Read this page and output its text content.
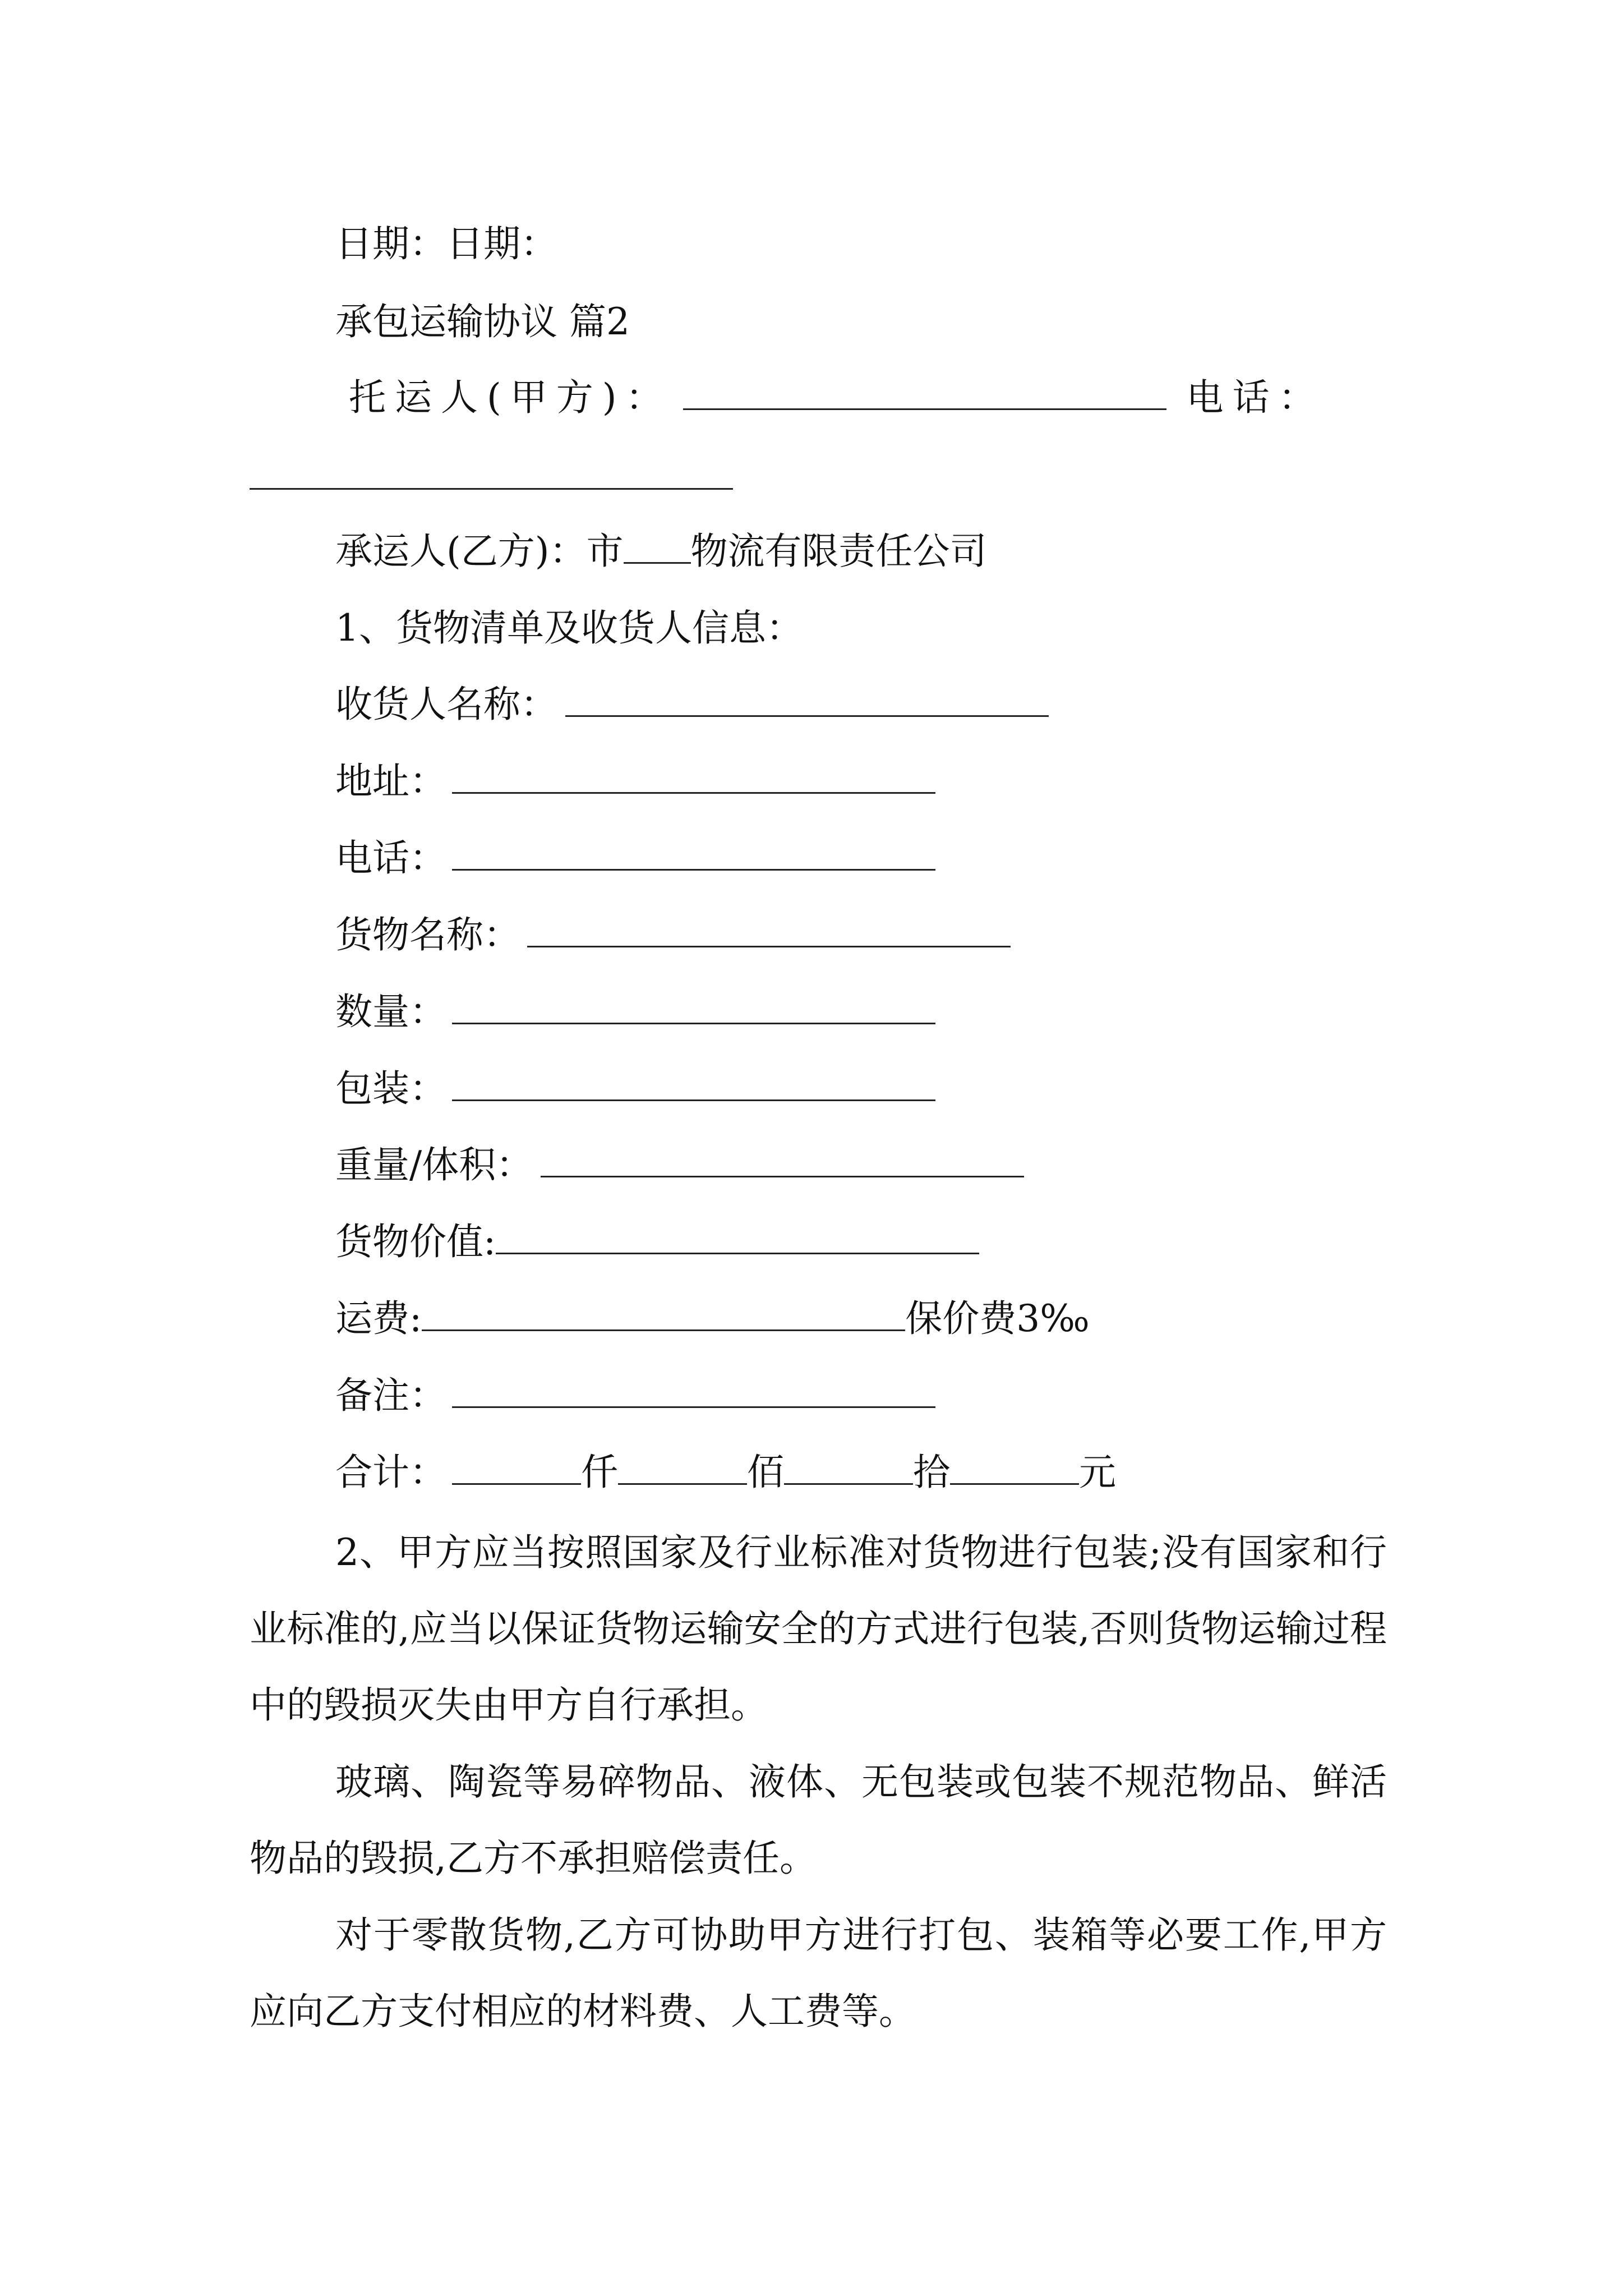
日期：日期：
承包运输协议 篇2
托运人(甲方)：	电话：
承运人(乙方)：市 物流有限责任公司
1、货物清单及收货人信息：
收货人名称：
地址：
电话：
货物名称：
数量：
包装：
重量/体积：
货物价值:
运费:	保价费3‰
备注：
合计：	仟	佰	拾	元
2、甲方应当按照国家及行业标准对货物进行包装;没有国家和行业标准的,应当以保证货物运输安全的方式进行包装,否则货物运输过程中的毁损灭失由甲方自行承担。
玻璃、陶瓷等易碎物品、液体、无包装或包装不规范物品、鲜活物品的毁损,乙方不承担赔偿责任。
对于零散货物,乙方可协助甲方进行打包、装箱等必要工作,甲方应向乙方支付相应的材料费、人工费等。
